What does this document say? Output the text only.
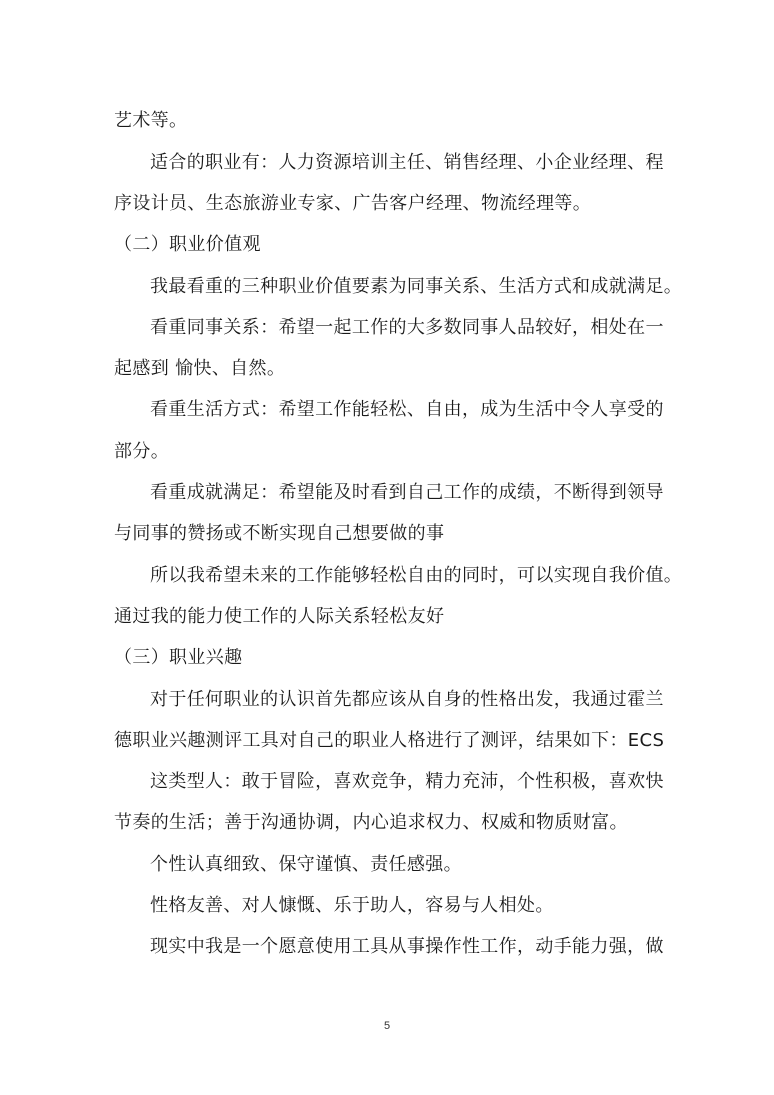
艺术等。
适合的职业有：人力资源培训主任、销售经理、小企业经理、程
序设计员、生态旅游业专家、广告客户经理、物流经理等。
（二）职业价值观
我最看重的三种职业价值要素为同事关系、生活方式和成就满足。
看重同事关系：希望一起工作的大多数同事人品较好，相处在一
起感到 愉快、自然。
看重生活方式：希望工作能轻松、自由，成为生活中令人享受的
部分。
看重成就满足：希望能及时看到自己工作的成绩，不断得到领导
与同事的赞扬或不断实现自己想要做的事
所以我希望未来的工作能够轻松自由的同时，可以实现自我价值。
通过我的能力使工作的人际关系轻松友好
（三）职业兴趣
对于任何职业的认识首先都应该从自身的性格出发，我通过霍兰
德职业兴趣测评工具对自己的职业人格进行了测评，结果如下：ECS
这类型人：敢于冒险，喜欢竞争，精力充沛，个性积极，喜欢快
节奏的生活；善于沟通协调，内心追求权力、权威和物质财富。
个性认真细致、保守谨慎、责任感强。
性格友善、对人慷慨、乐于助人，容易与人相处。
现实中我是一个愿意使用工具从事操作性工作，动手能力强，做
5
